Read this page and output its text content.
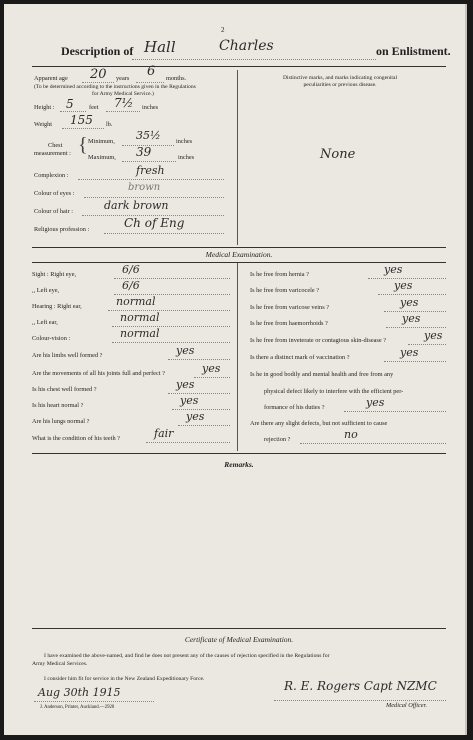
2
Description of Hall	Charles	on Enlistment.
Apparent age 20 years 6 months.
(To be determined according to the instructions given in the Regulations
for Army Medical Service.)
Height : 5 feet 7½ inches
Weight 155 lb.
Chest
measurement : { Minimum, 35½ inches
Maximum, 39	inches
Complexion :	fresh
Colour of eyes :
brown
Colour of hair :	dark brown
Religious profession :	Ch of Eng
Distinctive marks, and marks indicating congenital
peculiarities or previous disease.
None
Medical Examination.
Sight : Right eye,	6/6
,, Left eye,	6/6
Hearing : Right ear,	normal
,, Left ear,	normal
Colour-vision :	normal
Are his limbs well formed ?	yes
Are the movements of all his joints full and perfect ?	yes
Is his chest well formed ?	yes
Is his heart normal ?	yes
Are his lungs normal ?	yes
What is the condition of his teeth ?	fair
Is he free from hernia ?	yes
Is he free from varicocele ?	yes
Is he free from varicose veins ?	yes
Is he free from haemorrhoids ?	yes
Is he free from inveterate or contagious skin-disease ?	yes
Is there a distinct mark of vaccination ?	yes
Is he in good bodily and mental health and free from any
physical defect likely to interfere with the efficient per-
formance of his duties ?	yes
Are there any slight defects, but not sufficient to cause
rejection ?	no
Remarks.
Certificate of Medical Examination.
I have examined the above-named, and find he does not present any of the causes of rejection specified in the Regulations for
Army Medical Services.
I consider him fit for service in the New Zealand Expeditionary Force.
Aug 30th 1915	R. E. Rogers Capt NZMC
Medical Officer.
J. Anderson, Printer, Auckland.—2928
